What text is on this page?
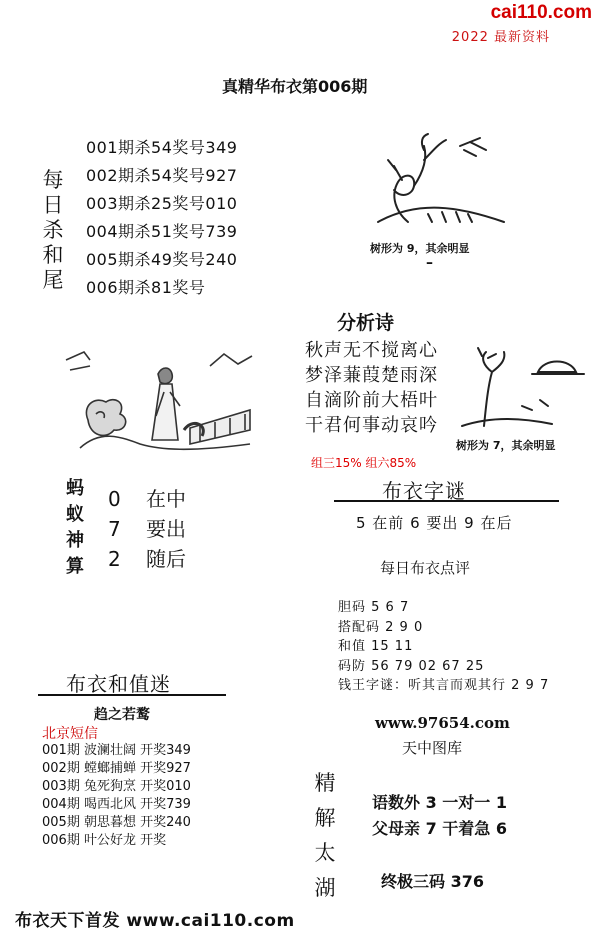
cai110.com
2022 最新资料
真精华布衣第006期
每
日
杀
和
尾
001期杀54奖号349
002期杀54奖号927
003期杀25奖号010
004期杀51奖号739
005期杀49奖号240
006期杀81奖号
树形为 9，其余明显
–
分析诗
秋声无不搅离心
梦泽蒹葭楚雨深
自滴阶前大梧叶
干君何事动哀吟
树形为 7，其余明显
组三15% 组六85%
蚂
蚁
神
算
0 在中
7 要出
2 随后
布衣字谜
5 在前 6 要出 9 在后
每日布衣点评
胆码 5 6 7
搭配码 2 9 0
和值 15 11
码防 56 79 02 67 25
钱王字谜：听其言而观其行 2 9 7
www.97654.com
天中图库
布衣和值迷
趋之若鹜
北京短信
001期 波澜壮阔 开奖349
002期 螳螂捕蝉 开奖927
003期 兔死狗烹 开奖010
004期 喝西北风 开奖739
005期 朝思暮想 开奖240
006期 叶公好龙 开奖
精
解
太
湖
语数外 3 一对一 1
父母亲 7 干着急 6
终极三码 376
布衣天下首发 www.cai110.com
